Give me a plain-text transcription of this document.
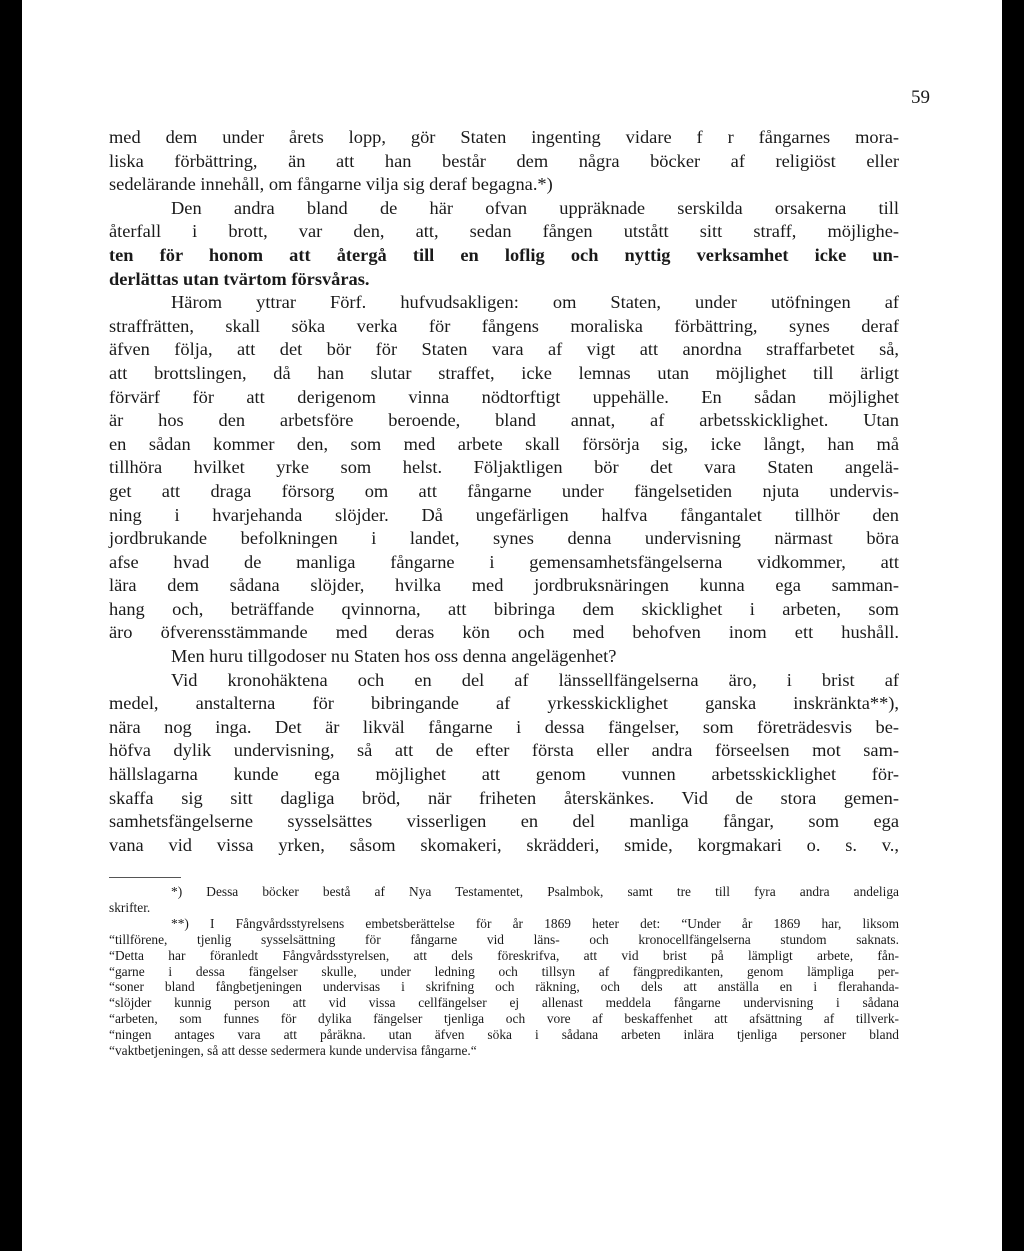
59
med dem under årets lopp, gör Staten ingenting vidare f r fångarnes mora-
liska förbättring, än att han består dem några böcker af religiöst eller
sedelärande innehåll, om fångarne vilja sig deraf begagna.*)
Den andra bland de här ofvan uppräknade serskilda orsakerna till
återfall i brott, var den, att, sedan fången utstått sitt straff, möjlighe-
ten för honom att återgå till en loflig och nyttig verksamhet icke un-
derlättas utan tvärtom försvåras.
Härom yttrar Förf. hufvudsakligen: om Staten, under utöfningen af
straffrätten, skall söka verka för fångens moraliska förbättring, synes deraf
äfven följa, att det bör för Staten vara af vigt att anordna straffarbetet så,
att brottslingen, då han slutar straffet, icke lemnas utan möjlighet till ärligt
förvärf för att derigenom vinna nödtorftigt uppehälle. En sådan möjlighet
är hos den arbetsföre beroende, bland annat, af arbetsskicklighet. Utan
en sådan kommer den, som med arbete skall försörja sig, icke långt, han må
tillhöra hvilket yrke som helst. Följaktligen bör det vara Staten angelä-
get att draga försorg om att fångarne under fängelsetiden njuta undervis-
ning i hvarjehanda slöjder. Då ungefärligen halfva fångantalet tillhör den
jordbrukande befolkningen i landet, synes denna undervisning närmast böra
afse hvad de manliga fångarne i gemensamhetsfängelserna vidkommer, att
lära dem sådana slöjder, hvilka med jordbruksnäringen kunna ega samman-
hang och, beträffande qvinnorna, att bibringa dem skicklighet i arbeten, som
äro öfverensstämmande med deras kön och med behofven inom ett hushåll.
Men huru tillgodoser nu Staten hos oss denna angelägenhet?
Vid kronohäktena och en del af länssellfängelserna äro, i brist af
medel, anstalterna för bibringande af yrkesskicklighet ganska inskränkta**),
nära nog inga. Det är likväl fångarne i dessa fängelser, som företrädesvis be-
höfva dylik undervisning, så att de efter första eller andra förseelsen mot sam-
hällslagarna kunde ega möjlighet att genom vunnen arbetsskicklighet för-
skaffa sig sitt dagliga bröd, när friheten återskänkes. Vid de stora gemen-
samhetsfängelserne sysselsättes visserligen en del manliga fångar, som ega
vana vid vissa yrken, såsom skomakeri, skrädderi, smide, korgmakari o. s. v.,
*) Dessa böcker bestå af Nya Testamentet, Psalmbok, samt tre till fyra andra andeliga
skrifter.
**) I Fångvårdsstyrelsens embetsberättelse för år 1869 heter det: “Under år 1869 har, liksom
“tillförene, tjenlig sysselsättning för fångarne vid läns- och kronocellfängelserna stundom saknats.
“Detta har föranledt Fångvårdsstyrelsen, att dels föreskrifva, att vid brist på lämpligt arbete, fån-
“garne i dessa fängelser skulle, under ledning och tillsyn af fängpredikanten, genom lämpliga per-
“soner bland fångbetjeningen undervisas i skrifning och räkning, och dels att anställa en i flerahanda-
“slöjder kunnig person att vid vissa cellfängelser ej allenast meddela fångarne undervisning i sådana
“arbeten, som funnes för dylika fängelser tjenliga och vore af beskaffenhet att afsättning af tillverk-
“ningen antages vara att påräkna. utan äfven söka i sådana arbeten inlära tjenliga personer bland
“vaktbetjeningen, så att desse sedermera kunde undervisa fångarne.“
